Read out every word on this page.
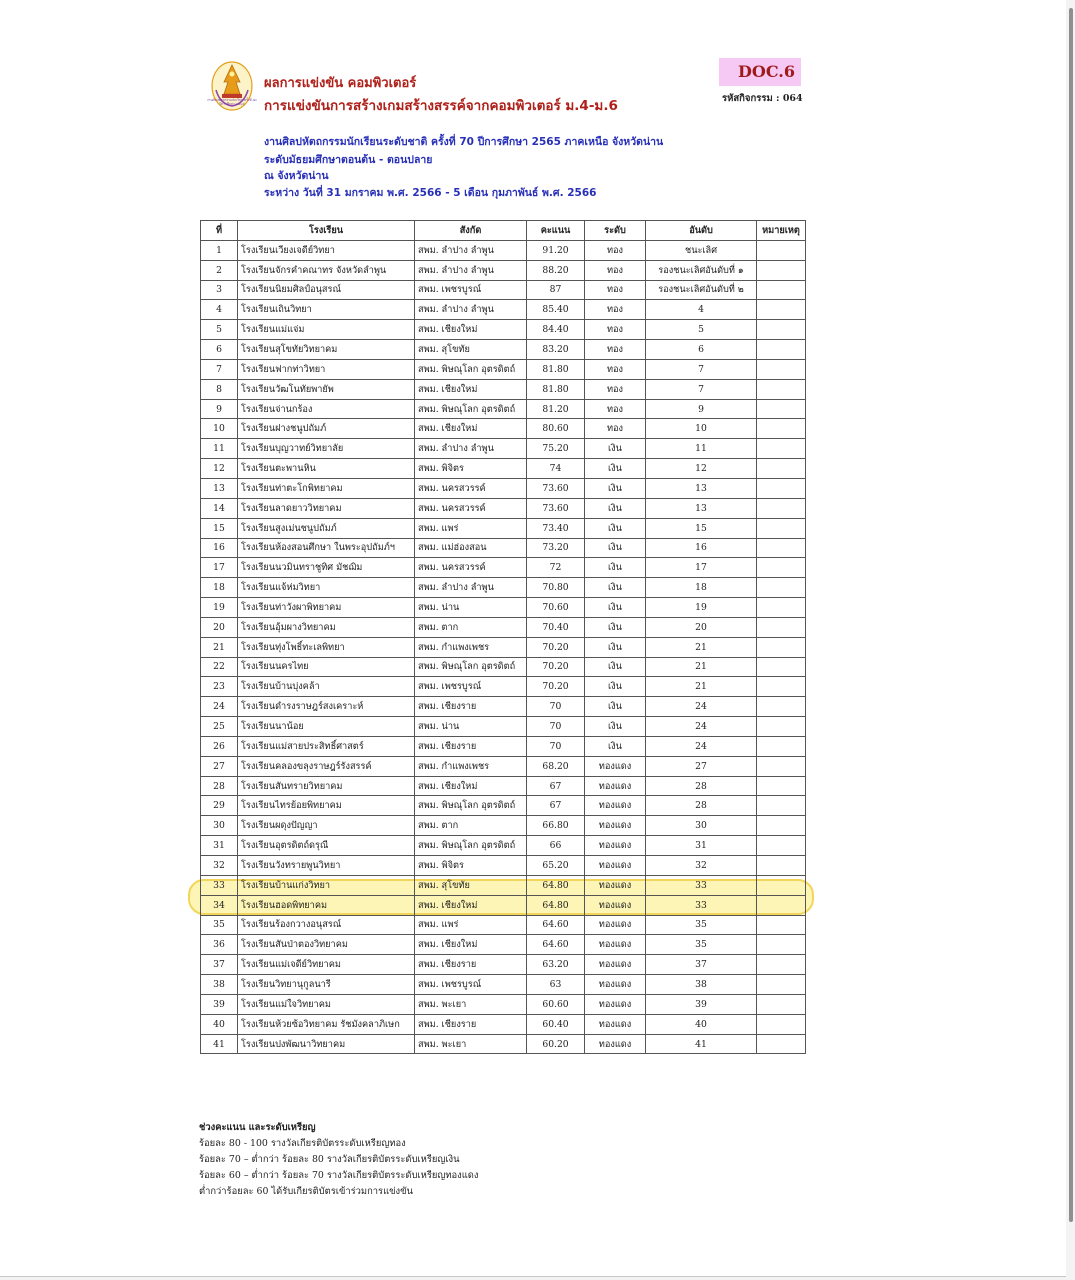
งานศิลปหัตถกรรมนักเรียน ครั้งที่ ๗๐ ปีการศึกษา ๒๕๖๕
ผลการแข่งขัน คอมพิวเตอร์
การแข่งขันการสร้างเกมสร้างสรรค์จากคอมพิวเตอร์ ม.4-ม.6
DOC.6
รหัสกิจกรรม : 064
งานศิลปหัตถกรรมนักเรียนระดับชาติ ครั้งที่ 70 ปีการศึกษา 2565 ภาคเหนือ จังหวัดน่าน
ระดับมัธยมศึกษาตอนต้น - ตอนปลาย
ณ จังหวัดน่าน
ระหว่าง วันที่ 31 มกราคม พ.ศ. 2566 - 5 เดือน กุมภาพันธ์ พ.ศ. 2566
ที่	โรงเรียน	สังกัด	คะแนน	ระดับ	อันดับ	หมายเหตุ
1	โรงเรียนเวียงเจดีย์วิทยา	สพม. ลำปาง ลำพูน	91.20	ทอง	ชนะเลิศ	
2	โรงเรียนจักรคำคณาทร จังหวัดลำพูน	สพม. ลำปาง ลำพูน	88.20	ทอง	รองชนะเลิศอันดับที่ ๑	
3	โรงเรียนนิยมศิลป์อนุสรณ์	สพม. เพชรบูรณ์	87	ทอง	รองชนะเลิศอันดับที่ ๒	
4	โรงเรียนเถินวิทยา	สพม. ลำปาง ลำพูน	85.40	ทอง	4	
5	โรงเรียนแม่แจ่ม	สพม. เชียงใหม่	84.40	ทอง	5	
6	โรงเรียนสุโขทัยวิทยาคม	สพม. สุโขทัย	83.20	ทอง	6	
7	โรงเรียนฟากท่าวิทยา	สพม. พิษณุโลก อุตรดิตถ์	81.80	ทอง	7	
8	โรงเรียนวัฒโนทัยพายัพ	สพม. เชียงใหม่	81.80	ทอง	7	
9	โรงเรียนจ่านกร้อง	สพม. พิษณุโลก อุตรดิตถ์	81.20	ทอง	9	
10	โรงเรียนฝางชนูปถัมภ์	สพม. เชียงใหม่	80.60	ทอง	10	
11	โรงเรียนบุญวาทย์วิทยาลัย	สพม. ลำปาง ลำพูน	75.20	เงิน	11	
12	โรงเรียนตะพานหิน	สพม. พิจิตร	74	เงิน	12	
13	โรงเรียนท่าตะโกพิทยาคม	สพม. นครสวรรค์	73.60	เงิน	13	
14	โรงเรียนลาดยาววิทยาคม	สพม. นครสวรรค์	73.60	เงิน	13	
15	โรงเรียนสูงเม่นชนูปถัมภ์	สพม. แพร่	73.40	เงิน	15	
16	โรงเรียนห้องสอนศึกษา ในพระอุปถัมภ์ฯ	สพม. แม่ฮ่องสอน	73.20	เงิน	16	
17	โรงเรียนนวมินทราชูทิศ มัชฌิม	สพม. นครสวรรค์	72	เงิน	17	
18	โรงเรียนแจ้ห่มวิทยา	สพม. ลำปาง ลำพูน	70.80	เงิน	18	
19	โรงเรียนท่าวังผาพิทยาคม	สพม. น่าน	70.60	เงิน	19	
20	โรงเรียนอุ้มผางวิทยาคม	สพม. ตาก	70.40	เงิน	20	
21	โรงเรียนทุ่งโพธิ์ทะเลพิทยา	สพม. กำแพงเพชร	70.20	เงิน	21	
22	โรงเรียนนครไทย	สพม. พิษณุโลก อุตรดิตถ์	70.20	เงิน	21	
23	โรงเรียนบ้านบุ่งคล้า	สพม. เพชรบูรณ์	70.20	เงิน	21	
24	โรงเรียนดำรงราษฎร์สงเคราะห์	สพม. เชียงราย	70	เงิน	24	
25	โรงเรียนนาน้อย	สพม. น่าน	70	เงิน	24	
26	โรงเรียนแม่สายประสิทธิ์ศาสตร์	สพม. เชียงราย	70	เงิน	24	
27	โรงเรียนคลองขลุงราษฎร์รังสรรค์	สพม. กำแพงเพชร	68.20	ทองแดง	27	
28	โรงเรียนสันทรายวิทยาคม	สพม. เชียงใหม่	67	ทองแดง	28	
29	โรงเรียนไทรย้อยพิทยาคม	สพม. พิษณุโลก อุตรดิตถ์	67	ทองแดง	28	
30	โรงเรียนผดุงปัญญา	สพม. ตาก	66.80	ทองแดง	30	
31	โรงเรียนอุตรดิตถ์ดรุณี	สพม. พิษณุโลก อุตรดิตถ์	66	ทองแดง	31	
32	โรงเรียนวังทรายพูนวิทยา	สพม. พิจิตร	65.20	ทองแดง	32	
33	โรงเรียนบ้านแก่งวิทยา	สพม. สุโขทัย	64.80	ทองแดง	33	
34	โรงเรียนฮอดพิทยาคม	สพม. เชียงใหม่	64.80	ทองแดง	33	
35	โรงเรียนร้องกวางอนุสรณ์	สพม. แพร่	64.60	ทองแดง	35	
36	โรงเรียนสันป่าตองวิทยาคม	สพม. เชียงใหม่	64.60	ทองแดง	35	
37	โรงเรียนแม่เจดีย์วิทยาคม	สพม. เชียงราย	63.20	ทองแดง	37	
38	โรงเรียนวิทยานุกูลนารี	สพม. เพชรบูรณ์	63	ทองแดง	38	
39	โรงเรียนแม่ใจวิทยาคม	สพม. พะเยา	60.60	ทองแดง	39	
40	โรงเรียนห้วยซ้อวิทยาคม รัชมังคลาภิเษก	สพม. เชียงราย	60.40	ทองแดง	40	
41	โรงเรียนปงพัฒนาวิทยาคม	สพม. พะเยา	60.20	ทองแดง	41	
ช่วงคะแนน และระดับเหรียญ
ร้อยละ 80 - 100 รางวัลเกียรติบัตรระดับเหรียญทอง
ร้อยละ 70 – ต่ำกว่า ร้อยละ 80 รางวัลเกียรติบัตรระดับเหรียญเงิน
ร้อยละ 60 – ต่ำกว่า ร้อยละ 70 รางวัลเกียรติบัตรระดับเหรียญทองแดง
ต่ำกว่าร้อยละ 60 ได้รับเกียรติบัตรเข้าร่วมการแข่งขัน
